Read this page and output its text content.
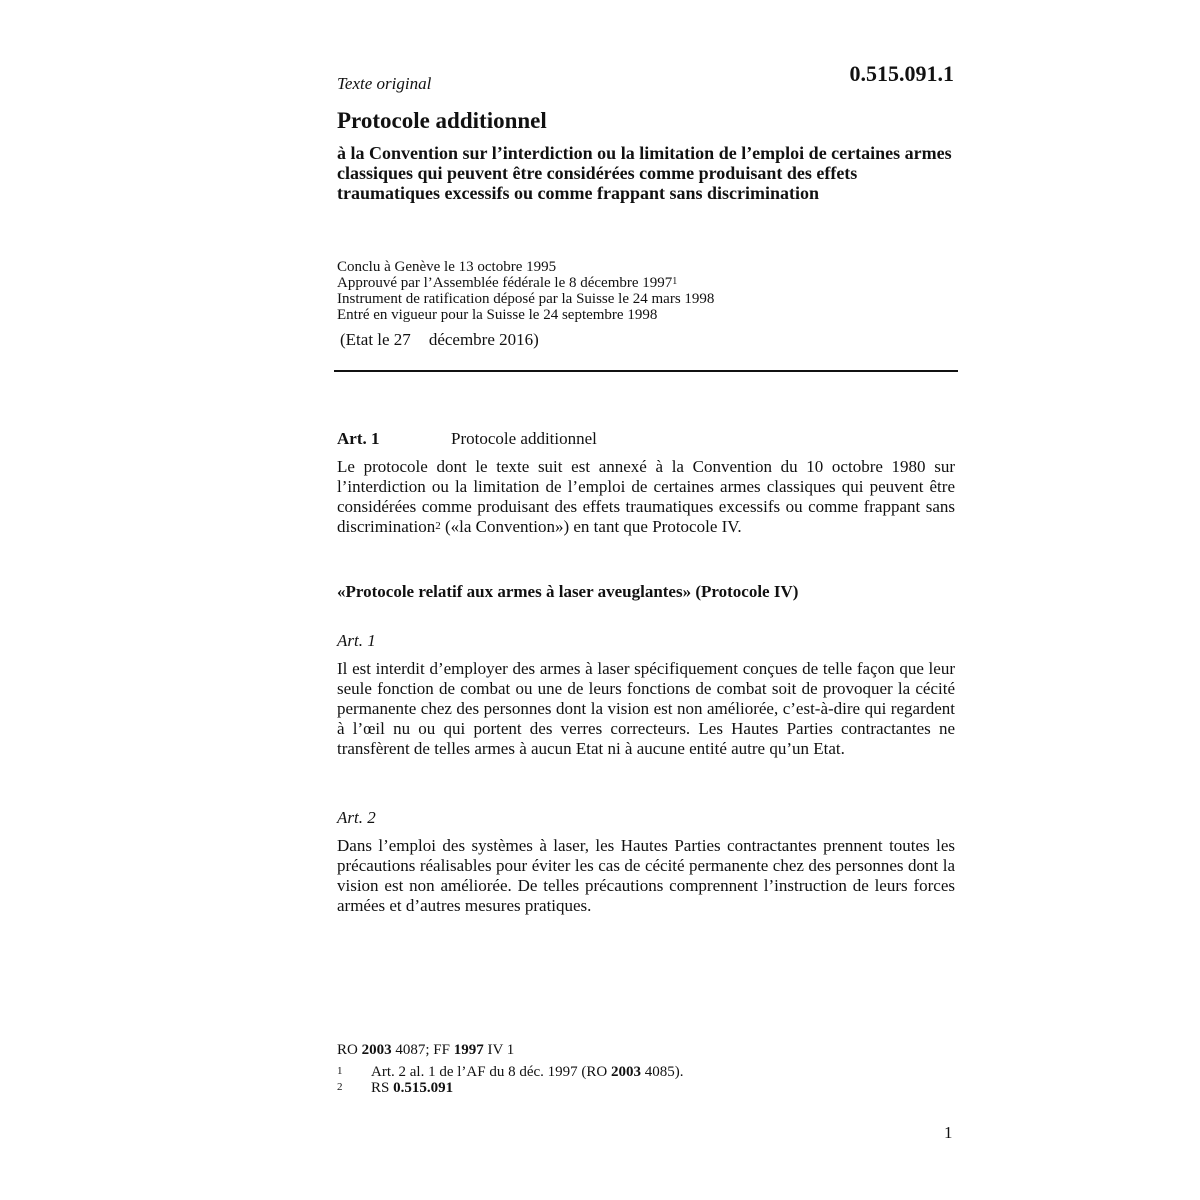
Texte original	0.515.091.1
Protocole additionnel
à la Convention sur l’interdiction ou la limitation de l’emploi de certaines armes classiques qui peuvent être considérées comme produisant des effets traumatiques excessifs ou comme frappant sans discrimination
Conclu à Genève le 13 octobre 1995
Approuvé par l’Assemblée fédérale le 8 décembre 1997$^1$
Instrument de ratification déposé par la Suisse le 24 mars 1998
Entré en vigueur pour la Suisse le 24 septembre 1998
(Etat le 27 décembre 2016)
Art. 1	Protocole additionnel
Le protocole dont le texte suit est annexé à la Convention du 10 octobre 1980 sur l’interdiction ou la limitation de l’emploi de certaines armes classiques qui peuvent être considérées comme produisant des effets traumatiques excessifs ou comme frappant sans discrimination$^2$ («la Convention») en tant que Protocole IV.
«Protocole relatif aux armes à laser aveuglantes» (Protocole IV)
Art. 1
Il est interdit d’employer des armes à laser spécifiquement conçues de telle façon que leur seule fonction de combat ou une de leurs fonctions de combat soit de provoquer la cécité permanente chez des personnes dont la vision est non améliorée, c’est-à-dire qui regardent à l’œil nu ou qui portent des verres correcteurs. Les Hautes Parties contractantes ne transfèrent de telles armes à aucun Etat ni à aucune entité autre qu’un Etat.
Art. 2
Dans l’emploi des systèmes à laser, les Hautes Parties contractantes prennent toutes les précautions réalisables pour éviter les cas de cécité permanente chez des personnes dont la vision est non améliorée. De telles précautions comprennent l’instruction de leurs forces armées et d’autres mesures pratiques.
RO 2003 4087; FF 1997 IV 1
1 Art. 2 al. 1 de l’AF du 8 déc. 1997 (RO 2003 4085).
2 RS 0.515.091
1
